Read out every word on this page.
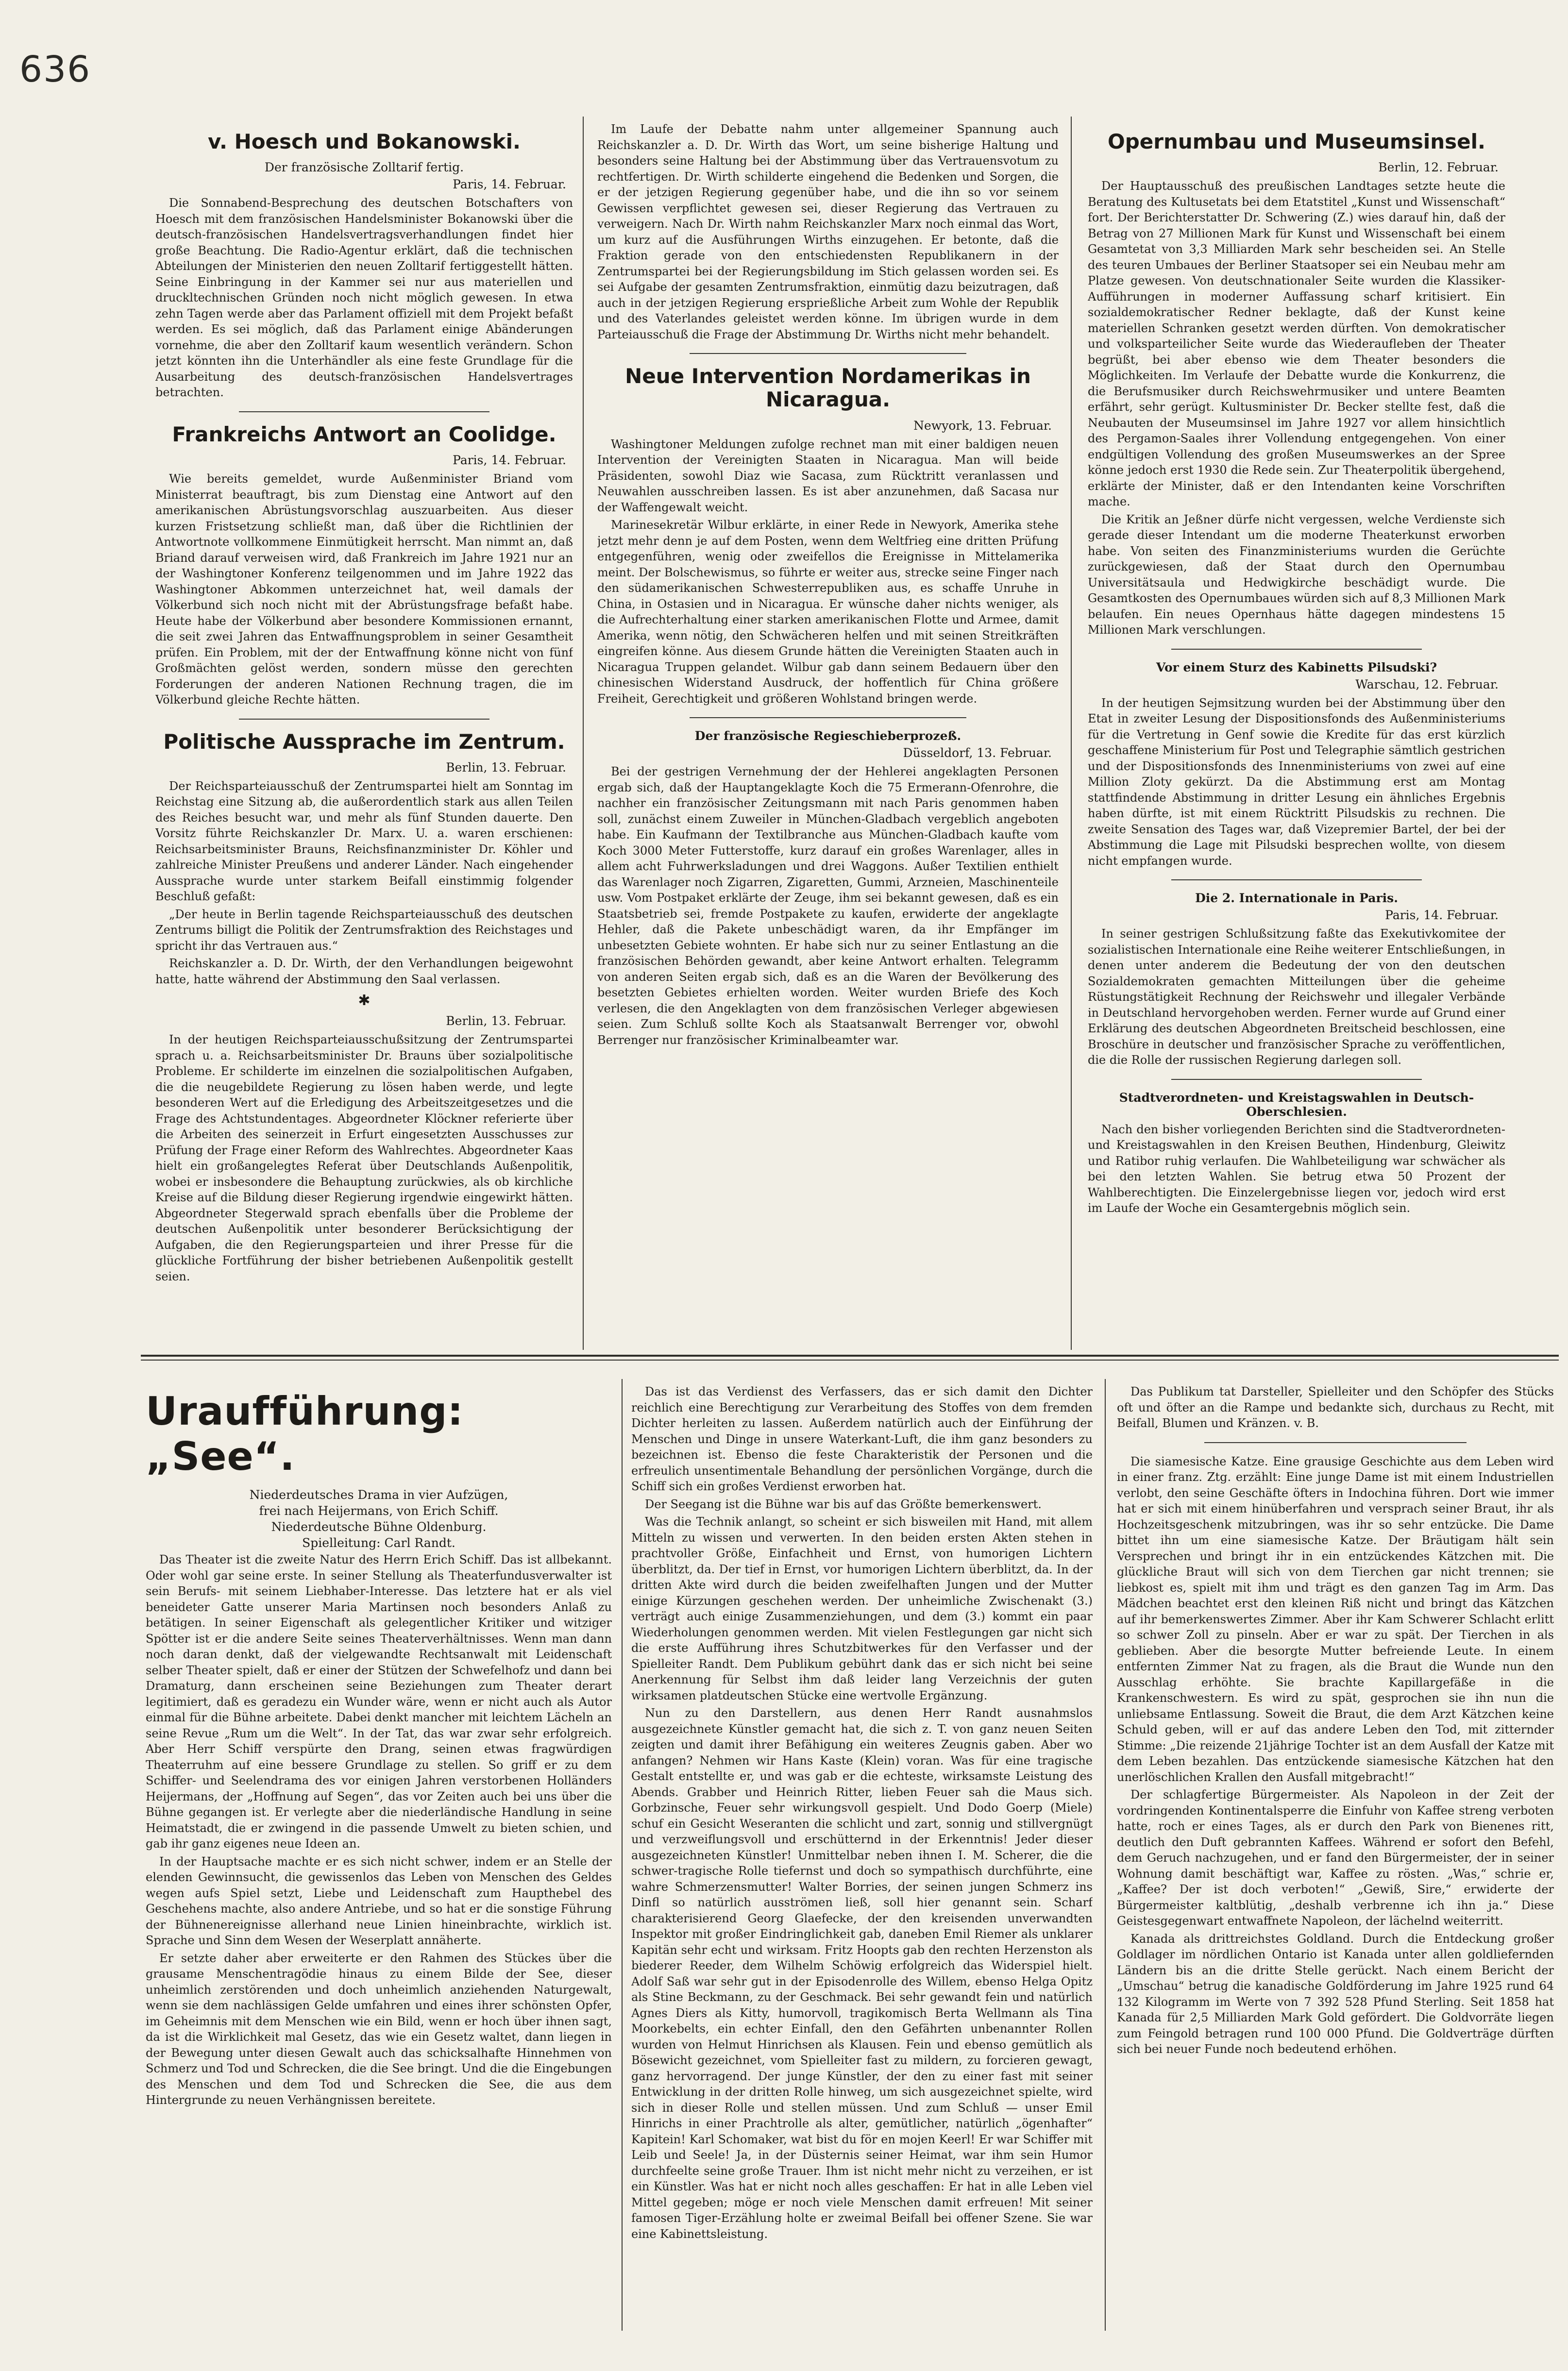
636
v. Hoesch und Bokanowski.
Der französische Zolltarif fertig.
Paris, 14. Februar.

Die Sonnabend-Besprechung des deutschen Botschafters von Hoesch mit dem französischen Handelsminister Bokanowski über die deutsch-französischen Handelsvertragsverhandlungen findet hier große Beachtung. Die Radio-Agentur erklärt, daß die technischen Abteilungen der Ministerien den neuen Zolltarif fertiggestellt hätten. Seine Einbringung in der Kammer sei nur aus materiellen und druckltechnischen Gründen noch nicht möglich gewesen. In etwa zehn Tagen werde aber das Parlament offiziell mit dem Projekt befaßt werden. Es sei möglich, daß das Parlament einige Abänderungen vornehme, die aber den Zolltarif kaum wesentlich verändern. Schon jetzt könnten ihn die Unterhändler als eine feste Grundlage für die Ausarbeitung des deutsch-französischen Handelsvertrages betrachten.

Frankreichs Antwort an Coolidge.
Paris, 14. Februar.

Wie bereits gemeldet, wurde Außenminister Briand vom Ministerrat beauftragt, bis zum Dienstag eine Antwort auf den amerikanischen Abrüstungsvorschlag auszuarbeiten. Aus dieser kurzen Fristsetzung schließt man, daß über die Richtlinien der Antwortnote vollkommene Einmütigkeit herrscht. Man nimmt an, daß Briand darauf verweisen wird, daß Frankreich im Jahre 1921 nur an der Washingtoner Konferenz teilgenommen und im Jahre 1922 das Washingtoner Abkommen unterzeichnet hat, weil damals der Völkerbund sich noch nicht mit der Abrüstungsfrage befaßt habe. Heute habe der Völkerbund aber besondere Kommissionen ernannt, die seit zwei Jahren das Entwaffnungsproblem in seiner Gesamtheit prüfen. Ein Problem, mit der der Entwaffnung könne nicht von fünf Großmächten gelöst werden, sondern müsse den gerechten Forderungen der anderen Nationen Rechnung tragen, die im Völkerbund gleiche Rechte hätten.

Politische Aussprache im Zentrum.
Berlin, 13. Februar.

Der Reichsparteiausschuß der Zentrumspartei hielt am Sonntag im Reichstag eine Sitzung ab, die außerordentlich stark aus allen Teilen des Reiches besucht war, und mehr als fünf Stunden dauerte. Den Vorsitz führte Reichskanzler Dr. Marx. U. a. waren erschienen: Reichsarbeitsminister Brauns, Reichsfinanzminister Dr. Köhler und zahlreiche Minister Preußens und anderer Länder. Nach eingehender Aussprache wurde unter starkem Beifall einstimmig folgender Beschluß gefaßt:

„Der heute in Berlin tagende Reichsparteiausschuß des deutschen Zentrums billigt die Politik der Zentrumsfraktion des Reichstages und spricht ihr das Vertrauen aus.“

Reichskanzler a. D. Dr. Wirth, der den Verhandlungen beigewohnt hatte, hatte während der Abstimmung den Saal verlassen.

✱
Berlin, 13. Februar.

In der heutigen Reichsparteiausschußsitzung der Zentrumspartei sprach u. a. Reichsarbeitsminister Dr. Brauns über sozialpolitische Probleme. Er schilderte im einzelnen die sozialpolitischen Aufgaben, die die neugebildete Regierung zu lösen haben werde, und legte besonderen Wert auf die Erledigung des Arbeitszeitgesetzes und die Frage des Achtstundentages. Abgeordneter Klöckner referierte über die Arbeiten des seinerzeit in Erfurt eingesetzten Ausschusses zur Prüfung der Frage einer Reform des Wahlrechtes. Abgeordneter Kaas hielt ein großangelegtes Referat über Deutschlands Außenpolitik, wobei er insbesondere die Behauptung zurückwies, als ob kirchliche Kreise auf die Bildung dieser Regierung irgendwie eingewirkt hätten. Abgeordneter Stegerwald sprach ebenfalls über die Probleme der deutschen Außenpolitik unter besonderer Berücksichtigung der Aufgaben, die den Regierungsparteien und ihrer Presse für die glückliche Fortführung der bisher betriebenen Außenpolitik gestellt seien.

Im Laufe der Debatte nahm unter allgemeiner Spannung auch Reichskanzler a. D. Dr. Wirth das Wort, um seine bisherige Haltung und besonders seine Haltung bei der Abstimmung über das Vertrauensvotum zu rechtfertigen. Dr. Wirth schilderte eingehend die Bedenken und Sorgen, die er der jetzigen Regierung gegenüber habe, und die ihn so vor seinem Gewissen verpflichtet gewesen sei, dieser Regierung das Vertrauen zu verweigern. Nach Dr. Wirth nahm Reichskanzler Marx noch einmal das Wort, um kurz auf die Ausführungen Wirths einzugehen. Er betonte, daß die Fraktion gerade von den entschiedensten Republikanern in der Zentrumspartei bei der Regierungsbildung im Stich gelassen worden sei. Es sei Aufgabe der gesamten Zentrumsfraktion, einmütig dazu beizutragen, daß auch in der jetzigen Regierung ersprießliche Arbeit zum Wohle der Republik und des Vaterlandes geleistet werden könne. Im übrigen wurde in dem Parteiausschuß die Frage der Abstimmung Dr. Wirths nicht mehr behandelt.

Neue Intervention Nordamerikas in Nicaragua.
Newyork, 13. Februar.

Washingtoner Meldungen zufolge rechnet man mit einer baldigen neuen Intervention der Vereinigten Staaten in Nicaragua. Man will beide Präsidenten, sowohl Diaz wie Sacasa, zum Rücktritt veranlassen und Neuwahlen ausschreiben lassen. Es ist aber anzunehmen, daß Sacasa nur der Waffengewalt weicht.

Marinesekretär Wilbur erklärte, in einer Rede in Newyork, Amerika stehe jetzt mehr denn je auf dem Posten, wenn dem Weltfrieg eine dritten Prüfung entgegenführen, wenig oder zweifellos die Ereignisse in Mittelamerika meint. Der Bolschewismus, so führte er weiter aus, strecke seine Finger nach den südamerikanischen Schwesterrepubliken aus, es schaffe Unruhe in China, in Ostasien und in Nicaragua. Er wünsche daher nichts weniger, als die Aufrechterhaltung einer starken amerikanischen Flotte und Armee, damit Amerika, wenn nötig, den Schwächeren helfen und mit seinen Streitkräften eingreifen könne. Aus diesem Grunde hätten die Vereinigten Staaten auch in Nicaragua Truppen gelandet. Wilbur gab dann seinem Bedauern über den chinesischen Widerstand Ausdruck, der hoffentlich für China größere Freiheit, Gerechtigkeit und größeren Wohlstand bringen werde.

Der französische Regieschieberprozeß.
Düsseldorf, 13. Februar.

Bei der gestrigen Vernehmung der der Hehlerei angeklagten Personen ergab sich, daß der Hauptangeklagte Koch die 75 Ermerann-Ofenrohre, die nachher ein französischer Zeitungsmann mit nach Paris genommen haben soll, zunächst einem Zuweiler in München-Gladbach vergeblich angeboten habe. Ein Kaufmann der Textilbranche aus München-Gladbach kaufte vom Koch 3000 Meter Futterstoffe, kurz darauf ein großes Warenlager, alles in allem acht Fuhrwerksladungen und drei Waggons. Außer Textilien enthielt das Warenlager noch Zigarren, Zigaretten, Gummi, Arzneien, Maschinenteile usw. Vom Postpaket erklärte der Zeuge, ihm sei bekannt gewesen, daß es ein Staatsbetrieb sei, fremde Postpakete zu kaufen, erwiderte der angeklagte Hehler, daß die Pakete unbeschädigt waren, da ihr Empfänger im unbesetzten Gebiete wohnten. Er habe sich nur zu seiner Entlastung an die französischen Behörden gewandt, aber keine Antwort erhalten. Telegramm von anderen Seiten ergab sich, daß es an die Waren der Bevölkerung des besetzten Gebietes erhielten worden. Weiter wurden Briefe des Koch verlesen, die den Angeklagten von dem französischen Verleger abgewiesen seien. Zum Schluß sollte Koch als Staatsanwalt Berrenger vor, obwohl Berrenger nur französischer Kriminalbeamter war.

Opernumbau und Museumsinsel.
Berlin, 12. Februar.

Der Hauptausschuß des preußischen Landtages setzte heute die Beratung des Kultusetats bei dem Etatstitel „Kunst und Wissenschaft“ fort. Der Berichterstatter Dr. Schwering (Z.) wies darauf hin, daß der Betrag von 27 Millionen Mark für Kunst und Wissenschaft bei einem Gesamtetat von 3,3 Milliarden Mark sehr bescheiden sei. An Stelle des teuren Umbaues der Berliner Staatsoper sei ein Neubau mehr am Platze gewesen. Von deutschnationaler Seite wurden die Klassiker-Aufführungen in moderner Auffassung scharf kritisiert. Ein sozialdemokratischer Redner beklagte, daß der Kunst keine materiellen Schranken gesetzt werden dürften. Von demokratischer und volksparteilicher Seite wurde das Wiederaufleben der Theater begrüßt, bei aber ebenso wie dem Theater besonders die Möglichkeiten. Im Verlaufe der Debatte wurde die Konkurrenz, die die Berufsmusiker durch Reichswehrmusiker und untere Beamten erfährt, sehr gerügt. Kultusminister Dr. Becker stellte fest, daß die Neubauten der Museumsinsel im Jahre 1927 vor allem hinsichtlich des Pergamon-Saales ihrer Vollendung entgegengehen. Von einer endgültigen Vollendung des großen Museumswerkes an der Spree könne jedoch erst 1930 die Rede sein. Zur Theaterpolitik übergehend, erklärte der Minister, daß er den Intendanten keine Vorschriften mache.

Die Kritik an Jeßner dürfe nicht vergessen, welche Verdienste sich gerade dieser Intendant um die moderne Theaterkunst erworben habe. Von seiten des Finanzministeriums wurden die Gerüchte zurückgewiesen, daß der Staat durch den Opernumbau Universitätsaula und Hedwigkirche beschädigt wurde. Die Gesamtkosten des Opernumbaues würden sich auf 8,3 Millionen Mark belaufen. Ein neues Opernhaus hätte dagegen mindestens 15 Millionen Mark verschlungen.

Vor einem Sturz des Kabinetts Pilsudski?
Warschau, 12. Februar.

In der heutigen Sejmsitzung wurden bei der Abstimmung über den Etat in zweiter Lesung der Dispositionsfonds des Außenministeriums für die Vertretung in Genf sowie die Kredite für das erst kürzlich geschaffene Ministerium für Post und Telegraphie sämtlich gestrichen und der Dispositionsfonds des Innenministeriums von zwei auf eine Million Zloty gekürzt. Da die Abstimmung erst am Montag stattfindende Abstimmung in dritter Lesung ein ähnliches Ergebnis haben dürfte, ist mit einem Rücktritt Pilsudskis zu rechnen. Die zweite Sensation des Tages war, daß Vizepremier Bartel, der bei der Abstimmung die Lage mit Pilsudski besprechen wollte, von diesem nicht empfangen wurde.

Die 2. Internationale in Paris.
Paris, 14. Februar.

In seiner gestrigen Schlußsitzung faßte das Exekutivkomitee der sozialistischen Internationale eine Reihe weiterer Entschließungen, in denen unter anderem die Bedeutung der von den deutschen Sozialdemokraten gemachten Mitteilungen über die geheime Rüstungstätigkeit Rechnung der Reichswehr und illegaler Verbände in Deutschland hervorgehoben werden. Ferner wurde auf Grund einer Erklärung des deutschen Abgeordneten Breitscheid beschlossen, eine Broschüre in deutscher und französischer Sprache zu veröffentlichen, die die Rolle der russischen Regierung darlegen soll.

Stadtverordneten- und Kreistagswahlen in Deutsch-Oberschlesien.

Nach den bisher vorliegenden Berichten sind die Stadtverordneten- und Kreistagswahlen in den Kreisen Beuthen, Hindenburg, Gleiwitz und Ratibor ruhig verlaufen. Die Wahlbeteiligung war schwächer als bei den letzten Wahlen. Sie betrug etwa 50 Prozent der Wahlberechtigten. Die Einzelergebnisse liegen vor, jedoch wird erst im Laufe der Woche ein Gesamtergebnis möglich sein.

Uraufführung: „See“.
Niederdeutsches Drama in vier Aufzügen,
frei nach Heijermans, von Erich Schiff.
Niederdeutsche Bühne Oldenburg.
Spielleitung: Carl Randt.

Das Theater ist die zweite Natur des Herrn Erich Schiff. Das ist allbekannt. Oder wohl gar seine erste. In seiner Stellung als Theaterfundusverwalter ist sein Berufs- mit seinem Liebhaber-Interesse. Das letztere hat er als viel beneideter Gatte unserer Maria Martinsen noch besonders Anlaß zu betätigen. In seiner Eigenschaft als gelegentlicher Kritiker und witziger Spötter ist er die andere Seite seines Theaterverhältnisses. Wenn man dann noch daran denkt, daß der vielgewandte Rechtsanwalt mit Leidenschaft selber Theater spielt, daß er einer der Stützen der Schwefelhofz und dann bei Dramaturg, dann erscheinen seine Beziehungen zum Theater derart legitimiert, daß es geradezu ein Wunder wäre, wenn er nicht auch als Autor einmal für die Bühne arbeitete. Dabei denkt mancher mit leichtem Lächeln an seine Revue „Rum um die Welt“. In der Tat, das war zwar sehr erfolgreich. Aber Herr Schiff verspürte den Drang, seinen etwas fragwürdigen Theaterruhm auf eine bessere Grundlage zu stellen. So griff er zu dem Schiffer- und Seelendrama des vor einigen Jahren verstorbenen Holländers Heijermans, der „Hoffnung auf Segen“, das vor Zeiten auch bei uns über die Bühne gegangen ist. Er verlegte aber die niederländische Handlung in seine Heimatstadt, die er zwingend in die passende Umwelt zu bieten schien, und gab ihr ganz eigenes neue Ideen an.

In der Hauptsache machte er es sich nicht schwer, indem er an Stelle der elenden Gewinnsucht, die gewissenlos das Leben von Menschen des Geldes wegen aufs Spiel setzt, Liebe und Leidenschaft zum Haupthebel des Geschehens machte, also andere Antriebe, und so hat er die sonstige Führung der Bühnenereignisse allerhand neue Linien hineinbrachte, wirklich ist. Sprache und Sinn dem Wesen der Weserplatt annäherte.

Er setzte daher aber erweiterte er den Rahmen des Stückes über die grausame Menschentragödie hinaus zu einem Bilde der See, dieser unheimlich zerstörenden und doch unheimlich anziehenden Naturgewalt, wenn sie dem nachlässigen Gelde umfahren und eines ihrer schönsten Opfer, im Geheimnis mit dem Menschen wie ein Bild, wenn er hoch über ihnen sagt, da ist die Wirklichkeit mal Gesetz, das wie ein Gesetz waltet, dann liegen in der Bewegung unter diesen Gewalt auch das schicksalhafte Hinnehmen von Schmerz und Tod und Schrecken, die die See bringt. Und die die Eingebungen des Menschen und dem Tod und Schrecken die See, die aus dem Hintergrunde zu neuen Verhängnissen bereitete.

Das ist das Verdienst des Verfassers, das er sich damit den Dichter reichlich eine Berechtigung zur Verarbeitung des Stoffes von dem fremden Dichter herleiten zu lassen. Außerdem natürlich auch der Einführung der Menschen und Dinge in unsere Waterkant-Luft, die ihm ganz besonders zu bezeichnen ist. Ebenso die feste Charakteristik der Personen und die erfreulich unsentimentale Behandlung der persönlichen Vorgänge, durch die Schiff sich ein großes Verdienst erworben hat.

Der Seegang ist die Bühne war bis auf das Größte bemerkenswert.

Was die Technik anlangt, so scheint er sich bisweilen mit Hand, mit allem Mitteln zu wissen und verwerten. In den beiden ersten Akten stehen in prachtvoller Größe, Einfachheit und Ernst, von humorigen Lichtern überblitzt, da. Der tief in Ernst, vor humorigen Lichtern überblitzt, da. In der dritten Akte wird durch die beiden zweifelhaften Jungen und der Mutter einige Kürzungen geschehen werden. Der unheimliche Zwischenakt (3.) verträgt auch einige Zusammenziehungen, und dem (3.) kommt ein paar Wiederholungen genommen werden. Mit vielen Festlegungen gar nicht sich die erste Aufführung ihres Schutzbitwerkes für den Verfasser und der Spielleiter Randt. Dem Publikum gebührt dank das er sich nicht bei seine Anerkennung für Selbst ihm daß leider lang Verzeichnis der guten wirksamen platdeutschen Stücke eine wertvolle Ergänzung.

Nun zu den Darstellern, aus denen Herr Randt ausnahmslos ausgezeichnete Künstler gemacht hat, die sich z. T. von ganz neuen Seiten zeigten und damit ihrer Befähigung ein weiteres Zeugnis gaben. Aber wo anfangen? Nehmen wir Hans Kaste (Klein) voran. Was für eine tragische Gestalt entstellte er, und was gab er die echteste, wirksamste Leistung des Abends. Grabber und Heinrich Ritter, lieben Feuer sah die Maus sich. Gorbzinsche, Feuer sehr wirkungsvoll gespielt. Und Dodo Goerp (Miele) schuf ein Gesicht Weseranten die schlicht und zart, sonnig und stillvergnügt und verzweiflungsvoll und erschütternd in der Erkenntnis! Jeder dieser ausgezeichneten Künstler! Unmittelbar neben ihnen I. M. Scherer, die die schwer-tragische Rolle tiefernst und doch so sympathisch durchführte, eine wahre Schmerzensmutter! Walter Borries, der seinen jungen Schmerz ins Dinfl so natürlich ausströmen ließ, soll hier genannt sein. Scharf charakterisierend Georg Glaefecke, der den kreisenden unverwandten Inspektor mit großer Eindringlichkeit gab, daneben Emil Riemer als unklarer Kapitän sehr echt und wirksam. Fritz Hoopts gab den rechten Herzenston als biederer Reeder, dem Wilhelm Schöwig erfolgreich das Widerspiel hielt. Adolf Saß war sehr gut in der Episodenrolle des Willem, ebenso Helga Opitz als Stine Beckmann, zu der Geschmack. Bei sehr gewandt fein und natürlich Agnes Diers als Kitty, humorvoll, tragikomisch Berta Wellmann als Tina Moorkebelts, ein echter Einfall, den den Gefährten unbenannter Rollen wurden von Helmut Hinrichsen als Klausen. Fein und ebenso gemütlich als Bösewicht gezeichnet, vom Spielleiter fast zu mildern, zu forcieren gewagt, ganz hervorragend. Der junge Künstler, der den zu einer fast mit seiner Entwicklung in der dritten Rolle hinweg, um sich ausgezeichnet spielte, wird sich in dieser Rolle und stellen müssen. Und zum Schluß — unser Emil Hinrichs in einer Prachtrolle als alter, gemütlicher, natürlich „ögenhafter“ Kapitein! Karl Schomaker, wat bist du för en mojen Keerl! Er war Schiffer mit Leib und Seele! Ja, in der Düsternis seiner Heimat, war ihm sein Humor durchfeelte seine große Trauer. Ihm ist nicht mehr nicht zu verzeihen, er ist ein Künstler. Was hat er nicht noch alles geschaffen: Er hat in alle Leben viel Mittel gegeben; möge er noch viele Menschen damit erfreuen! Mit seiner famosen Tiger-Erzählung holte er zweimal Beifall bei offener Szene. Sie war eine Kabinettsleistung.

Das Publikum tat Darsteller, Spielleiter und den Schöpfer des Stücks oft und öfter an die Rampe und bedankte sich, durchaus zu Recht, mit Beifall, Blumen und Kränzen. v. B.

Die siamesische Katze. Eine grausige Geschichte aus dem Leben wird in einer franz. Ztg. erzählt: Eine junge Dame ist mit einem Industriellen verlobt, den seine Geschäfte öfters in Indochina führen. Dort wie immer hat er sich mit einem hinüberfahren und versprach seiner Braut, ihr als Hochzeitsgeschenk mitzubringen, was ihr so sehr entzücke. Die Dame bittet ihn um eine siamesische Katze. Der Bräutigam hält sein Versprechen und bringt ihr in ein entzückendes Kätzchen mit. Die glückliche Braut will sich von dem Tierchen gar nicht trennen; sie liebkost es, spielt mit ihm und trägt es den ganzen Tag im Arm. Das Mädchen beachtet erst den kleinen Riß nicht und bringt das Kätzchen auf ihr bemerkenswertes Zimmer. Aber ihr Kam Schwerer Schlacht erlitt so schwer Zoll zu pinseln. Aber er war zu spät. Der Tierchen in als geblieben. Aber die besorgte Mutter befreiende Leute. In einem entfernten Zimmer Nat zu fragen, als die Braut die Wunde nun den Ausschlag erhöhte. Sie brachte Kapillargefäße in die Krankenschwestern. Es wird zu spät, gesprochen sie ihn nun die unliebsame Entlassung. Soweit die Braut, die dem Arzt Kätzchen keine Schuld geben, will er auf das andere Leben den Tod, mit zitternder Stimme: „Die reizende 21jährige Tochter ist an dem Ausfall der Katze mit dem Leben bezahlen. Das entzückende siamesische Kätzchen hat den unerlöschlichen Krallen den Ausfall mitgebracht!“

Der schlagfertige Bürgermeister. Als Napoleon in der Zeit der vordringenden Kontinentalsperre die Einfuhr von Kaffee streng verboten hatte, roch er eines Tages, als er durch den Park von Bienenes ritt, deutlich den Duft gebrannten Kaffees. Während er sofort den Befehl, dem Geruch nachzugehen, und er fand den Bürgermeister, der in seiner Wohnung damit beschäftigt war, Kaffee zu rösten. „Was,“ schrie er, „Kaffee? Der ist doch verboten!“ „Gewiß, Sire,“ erwiderte der Bürgermeister kaltblütig, „deshalb verbrenne ich ihn ja.“ Diese Geistesgegenwart entwaffnete Napoleon, der lächelnd weiterritt.

Kanada als drittreichstes Goldland. Durch die Entdeckung großer Goldlager im nördlichen Ontario ist Kanada unter allen goldliefernden Ländern bis an die dritte Stelle gerückt. Nach einem Bericht der „Umschau“ betrug die kanadische Goldförderung im Jahre 1925 rund 64 132 Kilogramm im Werte von 7 392 528 Pfund Sterling. Seit 1858 hat Kanada für 2,5 Milliarden Mark Gold gefördert. Die Goldvorräte liegen zum Feingold betragen rund 100 000 Pfund. Die Goldverträge dürften sich bei neuer Funde noch bedeutend erhöhen.
